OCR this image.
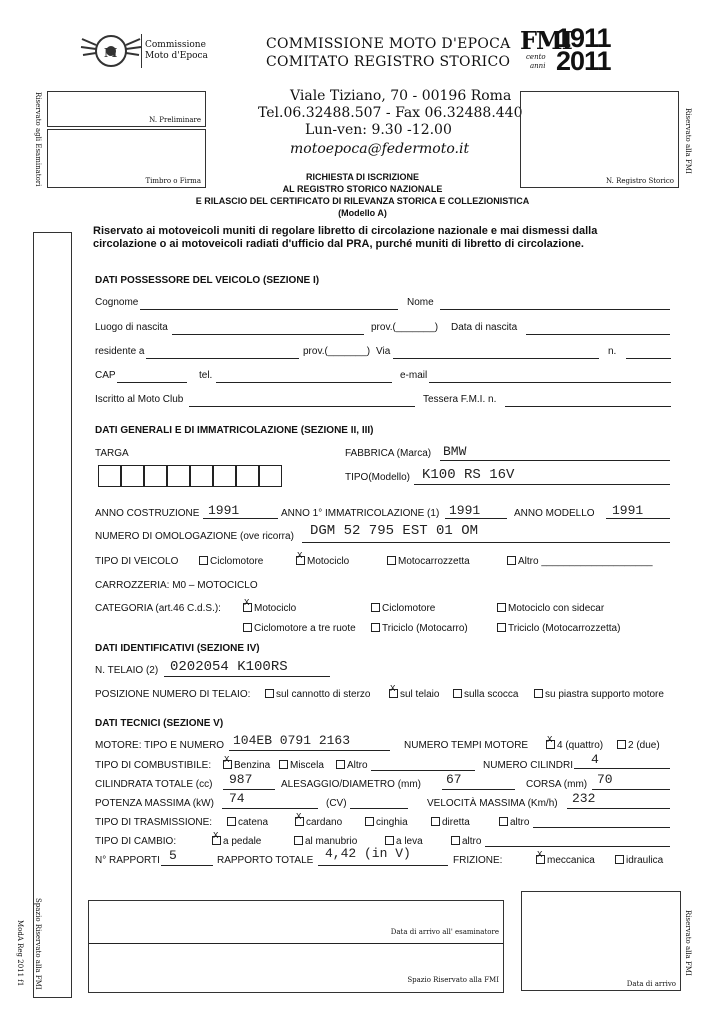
M
Commissione
Moto d'Epoca
COMMISSIONE MOTO D'EPOCA
COMITATO REGISTRO STORICO
Viale Tiziano, 70 - 00196 Roma
Tel.06.32488.507 - Fax 06.32488.440
Lun-ven: 9.30 -12.00
motoepoca@federmoto.it
FMI
1911
2011
cento
anni
Riservato agli Esaminatori	Riservato alla FMI
N. Preliminare
Timbro o Firma	N. Registro Storico
RICHIESTA DI ISCRIZIONE
AL REGISTRO STORICO NAZIONALE
E RILASCIO DEL CERTIFICATO DI RILEVANZA STORICA E COLLEZIONISTICA
(Modello A)
Riservato ai motoveicoli muniti di regolare libretto di circolazione nazionale e mai dismessi dalla
circolazione o ai motoveicoli radiati d'ufficio dal PRA, purché muniti di libretto di circolazione.
Spazio Riservato alla FMI
ModA Reg 2011 f1
DATI POSSESSORE DEL VEICOLO (SEZIONE I)
Cognome	Nome
Luogo di nascita	prov.(_______) Data di nascita
residente a	prov.(_______) Via	n.
CAP	tel.	e-mail
Iscritto al Moto Club	Tessera F.M.I. n.
DATI GENERALI E DI IMMATRICOLAZIONE (SEZIONE II, III)
TARGA	FABBRICA (Marca) BMW
TIPO(Modello) K100 RS 16V
ANNO COSTRUZIONE 1991	ANNO 1° IMMATRICOLAZIONE (1) 1991	ANNO MODELLO 1991
NUMERO DI OMOLOGAZIONE (ove ricorra) DGM 52 795 EST 01 OM
TIPO DI VEICOLO	Ciclomotore X	Motociclo	Motocarrozzetta	Altro ____________________
CARROZZERIA: M0 – MOTOCICLO
CATEGORIA (art.46 C.d.S.): X	Motociclo	Ciclomotore	Motociclo con sidecar
Ciclomotore a tre ruote	Triciclo (Motocarro)	Triciclo (Motocarrozzetta)
DATI IDENTIFICATIVI (SEZIONE IV)
N. TELAIO (2) 0202054 K100RS
POSIZIONE NUMERO DI TELAIO:	sul cannotto di sterzo X	sul telaio	sulla scocca	su piastra supporto motore
DATI TECNICI (SEZIONE V)
MOTORE: TIPO E NUMERO 104EB 0791 2163	NUMERO TEMPI MOTORE X	4 (quattro)	2 (due)
TIPO DI COMBUSTIBILE: X	Benzina	Miscela	Altro	NUMERO CILINDRI 4
CILINDRATA TOTALE (cc) 987	ALESAGGIO/DIAMETRO (mm) 67	CORSA (mm) 70
POTENZA MASSIMA (kW) 74	(CV)	VELOCITÀ MASSIMA (Km/h) 232
TIPO DI TRASMISSIONE:	catena X	cardano	cinghia	diretta	altro
TIPO DI CAMBIO: X	a pedale	al manubrio	a leva	altro
N° RAPPORTI 5	RAPPORTO TOTALE 4,42 (in V)	FRIZIONE: X	meccanica	idraulica
Data di arrivo all' esaminatore
Spazio Riservato alla FMI	Data di arrivo
Riservato alla FMI
